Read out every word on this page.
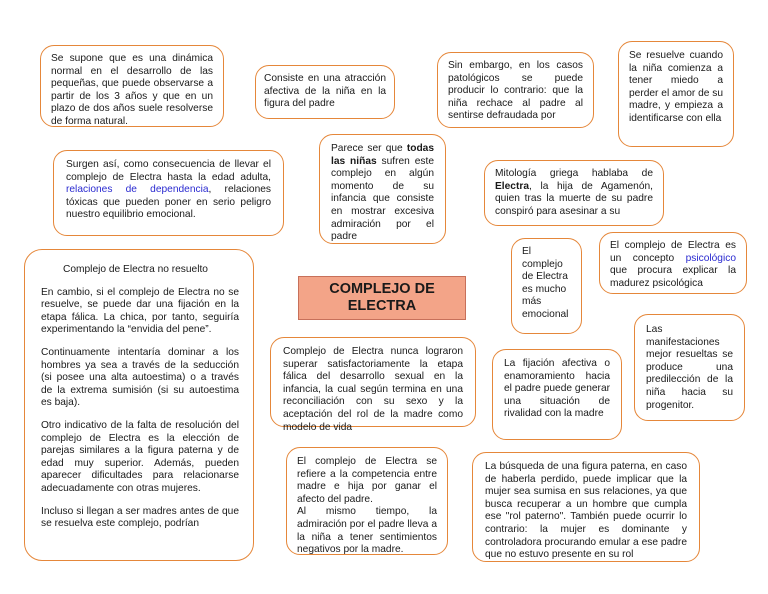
COMPLEJO DE ELECTRA

Se supone que es una dinámica normal en el desarrollo de las pequeñas, que puede observarse a partir de los 3 años y que en un plazo de dos años suele resolverse de forma natural.

Consiste en una atracción afectiva de la niña en la figura del padre

Sin embargo, en los casos patológicos se puede producir lo contrario: que la niña rechace al padre al sentirse defraudada por

Se resuelve cuando la niña comienza a tener miedo a perder el amor de su madre, y empieza a identificarse con ella

Surgen así, como consecuencia de llevar el complejo de Electra hasta la edad adulta, relaciones de dependencia, relaciones tóxicas que pueden poner en serio peligro nuestro equilibrio emocional.

Parece ser que todas las niñas sufren este complejo en algún momento de su infancia que consiste en mostrar excesiva admiración por el padre

Mitología griega hablaba de Electra, la hija de Agamenón, quien tras la muerte de su padre conspiró para asesinar a su

El complejo de Electra es mucho más emocional

El complejo de Electra es un concepto psicológico que procura explicar la madurez psicológica

Complejo de Electra no resuelto

En cambio, si el complejo de Electra no se resuelve, se puede dar una fijación en la etapa fálica. La chica, por tanto, seguiría experimentando la “envidia del pene”.

Continuamente intentaría dominar a los hombres ya sea a través de la seducción (si posee una alta autoestima) o a través de la extrema sumisión (si su autoestima es baja).

Otro indicativo de la falta de resolución del complejo de Electra es la elección de parejas similares a la figura paterna y de edad muy superior. Además, pueden aparecer dificultades para relacionarse adecuadamente con otras mujeres.

Incluso si llegan a ser madres antes de que se resuelva este complejo, podrían

Complejo de Electra nunca lograron superar satisfactoriamente la etapa fálica del desarrollo sexual en la infancia, la cual según termina en una reconciliación con su sexo y la aceptación del rol de la madre como modelo de vida

La fijación afectiva o enamoramiento hacia el padre puede generar una situación de rivalidad con la madre

Las manifestaciones mejor resueltas se produce una predilección de la niña hacia su progenitor.

El complejo de Electra se refiere a la competencia entre madre e hija por ganar el afecto del padre.

Al mismo tiempo, la admiración por el padre lleva a la niña a tener sentimientos negativos por la madre.

La búsqueda de una figura paterna, en caso de haberla perdido, puede implicar que la mujer sea sumisa en sus relaciones, ya que busca recuperar a un hombre que cumpla ese "rol paterno". También puede ocurrir lo contrario: la mujer es dominante y controladora procurando emular a ese padre que no estuvo presente en su rol
